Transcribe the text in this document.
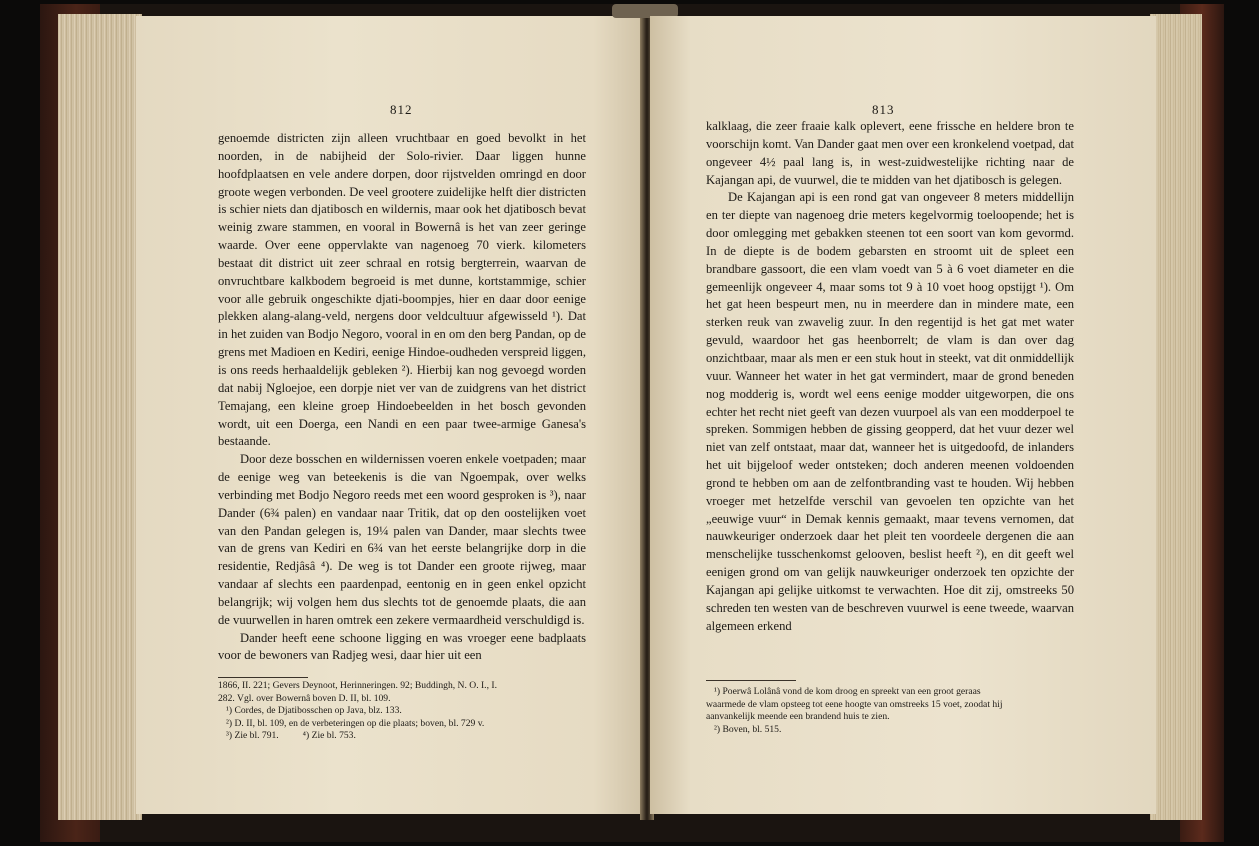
812

genoemde districten zijn alleen vruchtbaar en goed bevolkt in het noorden, in de nabijheid der Solo-rivier. Daar liggen hunne hoofdplaatsen en vele andere dorpen, door rijstvelden omringd en door groote wegen verbonden. De veel grootere zuidelijke helft dier districten is schier niets dan djatibosch en wildernis, maar ook het djatibosch bevat weinig zware stammen, en vooral in Bowernâ is het van zeer geringe waarde. Over eene oppervlakte van nagenoeg 70 vierk. kilometers bestaat dit district uit zeer schraal en rotsig bergterrein, waarvan de onvruchtbare kalkbodem begroeid is met dunne, kortstammige, schier voor alle gebruik ongeschikte djati-boompjes, hier en daar door eenige plekken alang-alang-veld, nergens door veldcultuur afgewisseld ¹). Dat in het zuiden van Bodjo Negoro, vooral in en om den berg Pandan, op de grens met Madioen en Kediri, eenige Hindoe-oudheden verspreid liggen, is ons reeds herhaaldelijk gebleken ²). Hierbij kan nog gevoegd worden dat nabij Ngloejoe, een dorpje niet ver van de zuidgrens van het district Temajang, een kleine groep Hindoebeelden in het bosch gevonden wordt, uit een Doerga, een Nandi en een paar twee-armige Ganesa's bestaande.

Door deze bosschen en wildernissen voeren enkele voetpaden; maar de eenige weg van beteekenis is die van Ngoempak, over welks verbinding met Bodjo Negoro reeds met een woord gesproken is ³), naar Dander (6¾ palen) en vandaar naar Tritik, dat op den oostelijken voet van den Pandan gelegen is, 19¼ palen van Dander, maar slechts twee van de grens van Kediri en 6¾ van het eerste belangrijke dorp in die residentie, Redjâsâ ⁴). De weg is tot Dander een groote rijweg, maar vandaar af slechts een paardenpad, eentonig en in geen enkel opzicht belangrijk; wij volgen hem dus slechts tot de genoemde plaats, die aan de vuurwellen in haren omtrek een zekere vermaardheid verschuldigd is.

Dander heeft eene schoone ligging en was vroeger eene badplaats voor de bewoners van Radjeg wesi, daar hier uit een

1866, II. 221; Gevers Deynoot, Herinneringen. 92; Buddingh, N. O. I., I.
282. Vgl. over Bowernâ boven D. II, bl. 109.
¹) Cordes, de Djatibosschen op Java, blz. 133.
²) D. II, bl. 109, en de verbeteringen op die plaats; boven, bl. 729 v.
³) Zie bl. 791.          ⁴) Zie bl. 753.
813

kalklaag, die zeer fraaie kalk oplevert, eene frissche en heldere bron te voorschijn komt. Van Dander gaat men over een kronkelend voetpad, dat ongeveer 4½ paal lang is, in west-zuidwestelijke richting naar de Kajangan api, de vuurwel, die te midden van het djatibosch is gelegen.

De Kajangan api is een rond gat van ongeveer 8 meters middellijn en ter diepte van nagenoeg drie meters kegelvormig toeloopende; het is door omlegging met gebakken steenen tot een soort van kom gevormd. In de diepte is de bodem gebarsten en stroomt uit de spleet een brandbare gassoort, die een vlam voedt van 5 à 6 voet diameter en die gemeenlijk ongeveer 4, maar soms tot 9 à 10 voet hoog opstijgt ¹). Om het gat heen bespeurt men, nu in meerdere dan in mindere mate, een sterken reuk van zwavelig zuur. In den regentijd is het gat met water gevuld, waardoor het gas heenborrelt; de vlam is dan over dag onzichtbaar, maar als men er een stuk hout in steekt, vat dit onmiddellijk vuur. Wanneer het water in het gat vermindert, maar de grond beneden nog modderig is, wordt wel eens eenige modder uitgeworpen, die ons echter het recht niet geeft van dezen vuurpoel als van een modderpoel te spreken. Sommigen hebben de gissing geopperd, dat het vuur dezer wel niet van zelf ontstaat, maar dat, wanneer het is uitgedoofd, de inlanders het uit bijgeloof weder ontsteken; doch anderen meenen voldoenden grond te hebben om aan de zelfontbranding vast te houden. Wij hebben vroeger met hetzelfde verschil van gevoelen ten opzichte van het „eeuwige vuur“ in Demak kennis gemaakt, maar tevens vernomen, dat nauwkeuriger onderzoek daar het pleit ten voordeele dergenen die aan menschelijke tusschenkomst gelooven, beslist heeft ²), en dit geeft wel eenigen grond om van gelijk nauwkeuriger onderzoek ten opzichte der Kajangan api gelijke uitkomst te verwachten. Hoe dit zij, omstreeks 50 schreden ten westen van de beschreven vuurwel is eene tweede, waarvan algemeen erkend

¹) Poerwâ Lolânâ vond de kom droog en spreekt van een groot geraas
waarmede de vlam opsteeg tot eene hoogte van omstreeks 15 voet, zoodat hij
aanvankelijk meende een brandend huis te zien.
²) Boven, bl. 515.
